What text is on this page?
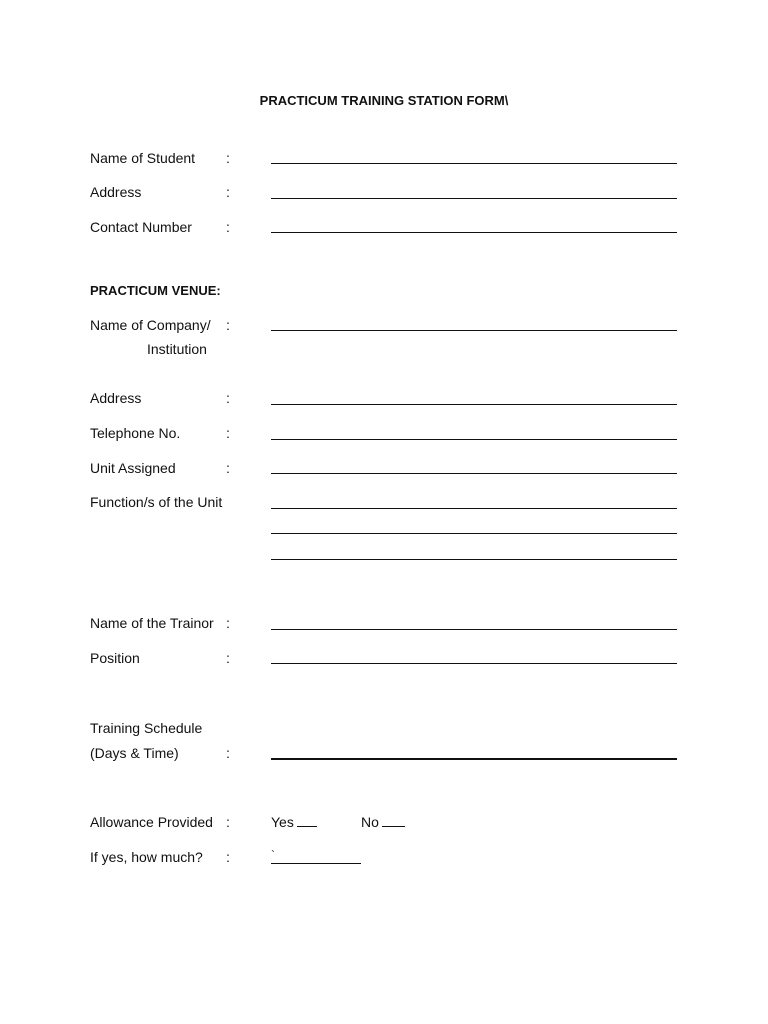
PRACTICUM TRAINING STATION FORM\
Name of Student :
Address	:
Contact Number :
PRACTICUM VENUE:
Name of Company/
Institution
:
Address	:
Telephone No.	:
Unit Assigned	:
Function/s of the Unit
Name of the Trainor :
Position	:
Training Schedule
(Days & Time)	:
Allowance Provided :	Yes	No
If yes, how much? :	`
